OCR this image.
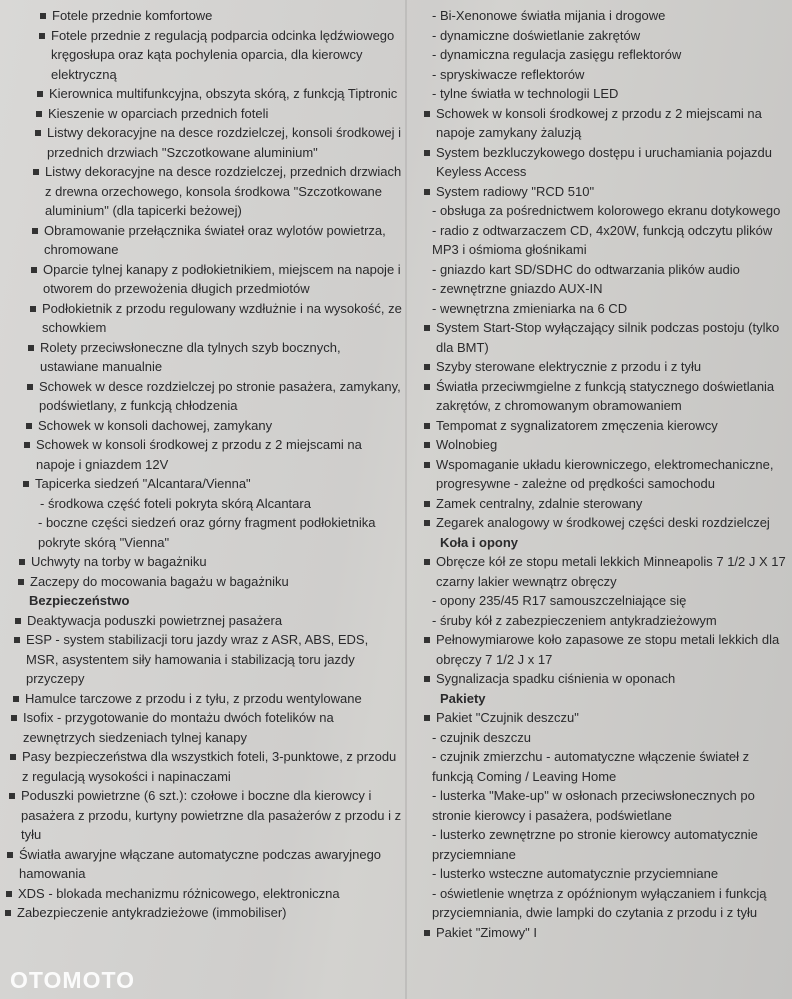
Fotele przednie komfortowe
Fotele przednie z regulacją podparcia odcinka lędźwiowego kręgosłupa oraz kąta pochylenia oparcia, dla kierowcy elektryczną
Kierownica multifunkcyjna, obszyta skórą, z funkcją Tiptronic
Kieszenie w oparciach przednich foteli
Listwy dekoracyjne na desce rozdzielczej, konsoli środkowej i przednich drzwiach "Szczotkowane aluminium"
Listwy dekoracyjne na desce rozdzielczej, przednich drzwiach z drewna orzechowego, konsola środkowa "Szczotkowane aluminium" (dla tapicerki beżowej)
Obramowanie przełącznika świateł oraz wylotów powietrza, chromowane
Oparcie tylnej kanapy z podłokietnikiem, miejscem na napoje i otworem do przewożenia długich przedmiotów
Podłokietnik z przodu regulowany wzdłużnie i na wysokość, ze schowkiem
Rolety przeciwsłoneczne dla tylnych szyb bocznych, ustawiane manualnie
Schowek w desce rozdzielczej po stronie pasażera, zamykany, podświetlany, z funkcją chłodzenia
Schowek w konsoli dachowej, zamykany
Schowek w konsoli środkowej z przodu z 2 miejscami na napoje i gniazdem 12V
Tapicerka siedzeń "Alcantara/Vienna"
- środkowa część foteli pokryta skórą Alcantara
- boczne części siedzeń oraz górny fragment podłokietnika pokryte skórą "Vienna"
Uchwyty na torby w bagażniku
Zaczepy do mocowania bagażu w bagażniku
Bezpieczeństwo
Deaktywacja poduszki powietrznej pasażera
ESP - system stabilizacji toru jazdy wraz z ASR, ABS, EDS, MSR, asystentem siły hamowania i stabilizacją toru jazdy przyczepy
Hamulce tarczowe z przodu i z tyłu, z przodu wentylowane
Isofix - przygotowanie do montażu dwóch fotelików na zewnętrzych siedzeniach tylnej kanapy
Pasy bezpieczeństwa dla wszystkich foteli, 3-punktowe, z przodu z regulacją wysokości i napinaczami
Poduszki powietrzne (6 szt.): czołowe i boczne dla kierowcy i pasażera z przodu, kurtyny powietrzne dla pasażerów z przodu i z tyłu
Światła awaryjne włączane automatyczne podczas awaryjnego hamowania
XDS - blokada mechanizmu różnicowego, elektroniczna
Zabezpieczenie antykradzieżowe (immobiliser)
- Bi-Xenonowe światła mijania i drogowe
- dynamiczne doświetlanie zakrętów
- dynamiczna regulacja zasięgu reflektorów
- spryskiwacze reflektorów
- tylne światła w technologii LED
Schowek w konsoli środkowej z przodu z 2 miejscami na napoje zamykany żaluzją
System bezkluczykowego dostępu i uruchamiania pojazdu Keyless Access
System radiowy "RCD 510"
- obsługa za pośrednictwem kolorowego ekranu dotykowego
- radio z odtwarzaczem CD, 4x20W, funkcją odczytu plików MP3 i ośmioma głośnikami
- gniazdo kart SD/SDHC do odtwarzania plików audio
- zewnętrzne gniazdo AUX-IN
- wewnętrzna zmieniarka na 6 CD
System Start-Stop wyłączający silnik podczas postoju (tylko dla BMT)
Szyby sterowane elektrycznie z przodu i z tyłu
Światła przeciwmgielne z funkcją statycznego doświetlania zakrętów, z chromowanym obramowaniem
Tempomat z sygnalizatorem zmęczenia kierowcy
Wolnobieg
Wspomaganie układu kierowniczego, elektromechaniczne, progresywne - zależne od prędkości samochodu
Zamek centralny, zdalnie sterowany
Zegarek analogowy w środkowej części deski rozdzielczej
Koła i opony
Obręcze kół ze stopu metali lekkich Minneapolis 7 1/2 J X 17 czarny lakier wewnątrz obręczy
- opony 235/45 R17 samouszczelniające się
- śruby kół z zabezpieczeniem antykradzieżowym
Pełnowymiarowe koło zapasowe ze stopu metali lekkich dla obręczy 7 1/2 J x 17
Sygnalizacja spadku ciśnienia w oponach
Pakiety
Pakiet "Czujnik deszczu"
- czujnik deszczu
- czujnik zmierzchu - automatyczne włączenie świateł z funkcją Coming / Leaving Home
- lusterka "Make-up" w osłonach przeciwsłonecznych po stronie kierowcy i pasażera, podświetlane
- lusterko zewnętrzne po stronie kierowcy automatycznie przyciemniane
- lusterko wsteczne automatycznie przyciemniane
- oświetlenie wnętrza z opóźnionym wyłączaniem i funkcją przyciemniania, dwie lampki do czytania z przodu i z tyłu
Pakiet "Zimowy" I
OTOMOTO
